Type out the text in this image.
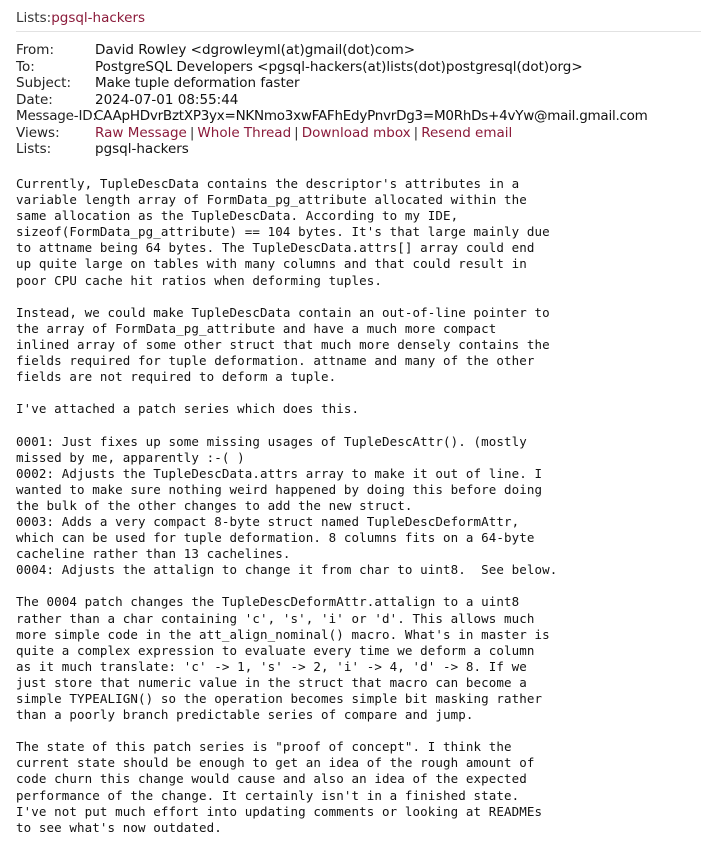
Lists:pgsql-hackers
From:	David Rowley <dgrowleyml(at)gmail(dot)com>
To:	PostgreSQL Developers <pgsql-hackers(at)lists(dot)postgresql(dot)org>
Subject:	Make tuple deformation faster
Date:	2024-07-01 08:55:44
Message-ID:
CAApHDvrBztXP3yx=NKNmo3xwFAFhEdyPnvrDg3=M0RhDs+4vYw@mail.gmail.com
Views:	Raw Message | Whole Thread | Download mbox | Resend email
Lists:	pgsql-hackers
Currently, TupleDescData contains the descriptor's attributes in a
variable length array of FormData_pg_attribute allocated within the
same allocation as the TupleDescData. According to my IDE,
sizeof(FormData_pg_attribute) == 104 bytes. It's that large mainly due
to attname being 64 bytes. The TupleDescData.attrs[] array could end
up quite large on tables with many columns and that could result in
poor CPU cache hit ratios when deforming tuples.

Instead, we could make TupleDescData contain an out-of-line pointer to
the array of FormData_pg_attribute and have a much more compact
inlined array of some other struct that much more densely contains the
fields required for tuple deformation. attname and many of the other
fields are not required to deform a tuple.

I've attached a patch series which does this.

0001: Just fixes up some missing usages of TupleDescAttr(). (mostly
missed by me, apparently :-( )
0002: Adjusts the TupleDescData.attrs array to make it out of line. I
wanted to make sure nothing weird happened by doing this before doing
the bulk of the other changes to add the new struct.
0003: Adds a very compact 8-byte struct named TupleDescDeformAttr,
which can be used for tuple deformation. 8 columns fits on a 64-byte
cacheline rather than 13 cachelines.
0004: Adjusts the attalign to change it from char to uint8.  See below.

The 0004 patch changes the TupleDescDeformAttr.attalign to a uint8
rather than a char containing 'c', 's', 'i' or 'd'. This allows much
more simple code in the att_align_nominal() macro. What's in master is
quite a complex expression to evaluate every time we deform a column
as it much translate: 'c' -> 1, 's' -> 2, 'i' -> 4, 'd' -> 8. If we
just store that numeric value in the struct that macro can become a
simple TYPEALIGN() so the operation becomes simple bit masking rather
than a poorly branch predictable series of compare and jump.

The state of this patch series is "proof of concept". I think the
current state should be enough to get an idea of the rough amount of
code churn this change would cause and also an idea of the expected
performance of the change. It certainly isn't in a finished state.
I've not put much effort into updating comments or looking at READMEs
to see what's now outdated.
